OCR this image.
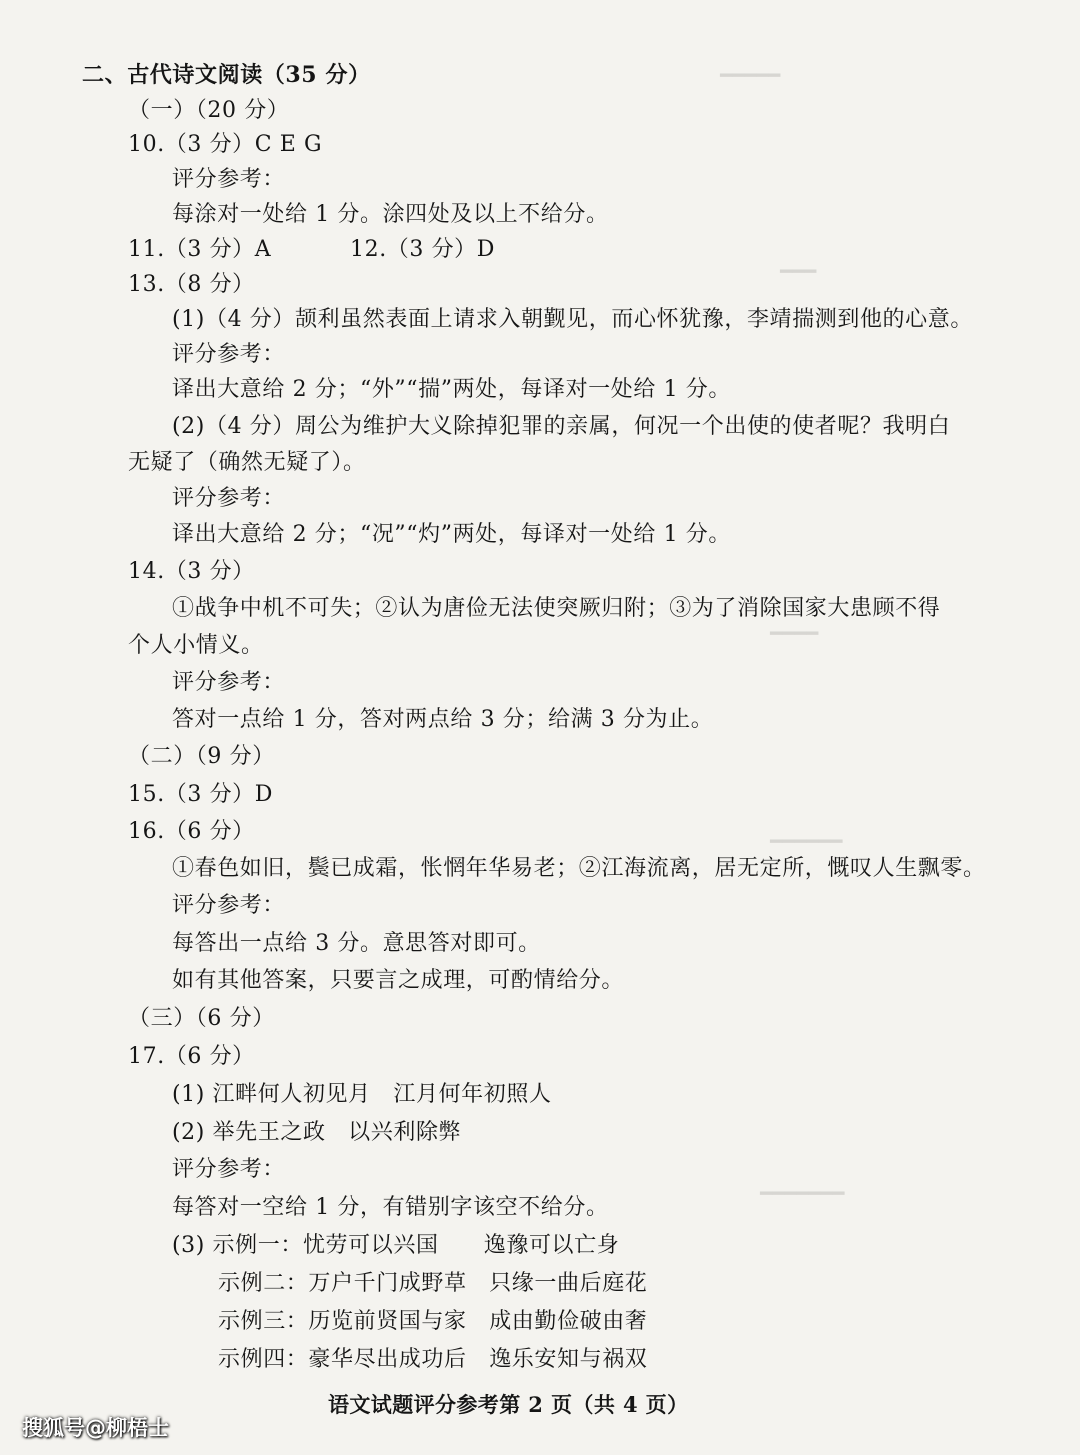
━━━━━
━━━
━━━━
━━━━━━
━━━━━━━
二、古代诗文阅读（35 分）
（一）（20 分）
10.（3 分）C E G
评分参考：
每涂对一处给 1 分。涂四处及以上不给分。
11.（3 分）A	12.（3 分）D
13.（8 分）
(1)（4 分）颉利虽然表面上请求入朝觐见，而心怀犹豫，李靖揣测到他的心意。
评分参考：
译出大意给 2 分；“外”“揣”两处，每译对一处给 1 分。
(2)（4 分）周公为维护大义除掉犯罪的亲属，何况一个出使的使者呢？我明白
无疑了（确然无疑了）。
评分参考：
译出大意给 2 分；“况”“灼”两处，每译对一处给 1 分。
14.（3 分）
①战争中机不可失；②认为唐俭无法使突厥归附；③为了消除国家大患顾不得
个人小情义。
评分参考：
答对一点给 1 分，答对两点给 3 分；给满 3 分为止。
（二）（9 分）
15.（3 分）D
16.（6 分）
①春色如旧，鬓已成霜，怅惘年华易老；②江海流离，居无定所，慨叹人生飘零。
评分参考：
每答出一点给 3 分。意思答对即可。
如有其他答案，只要言之成理，可酌情给分。
（三）（6 分）
17.（6 分）
(1) 江畔何人初见月　江月何年初照人
(2) 举先王之政　以兴利除弊
评分参考：
每答对一空给 1 分，有错别字该空不给分。
(3) 示例一：忧劳可以兴国　　逸豫可以亡身
示例二：万户千门成野草　只缘一曲后庭花
示例三：历览前贤国与家　成由勤俭破由奢
示例四：豪华尽出成功后　逸乐安知与祸双
语文试题评分参考第 2 页（共 4 页）
搜狐号@柳梧士
